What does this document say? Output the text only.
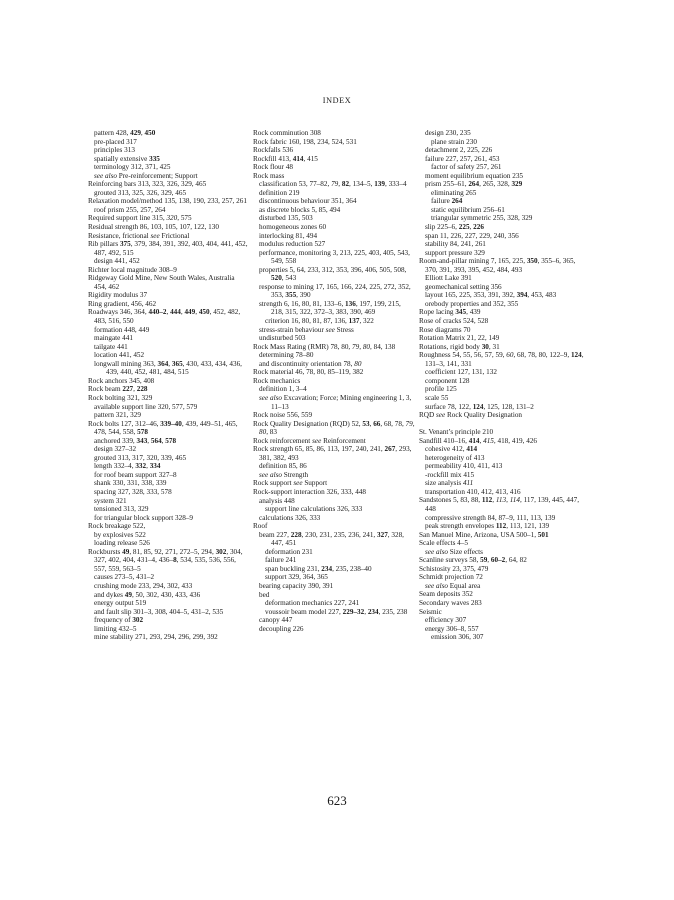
INDEX
pattern 428, 429, 450
pre-placed 317
principles 313
spatially extensive 335
terminology 312, 371, 425
see also Pre-reinforcement; Support
Reinforcing bars 313, 323, 326, 329, 465
grouted 313, 325, 326, 329, 465
Relaxation model/method 135, 138, 190, 233, 257, 261
roof prism 255, 257, 264
Required support line 315, 320, 575
Residual strength 86, 103, 105, 107, 122, 130
Resistance, frictional see Frictional
Rib pillars 375, 379, 384, 391, 392, 403, 404, 441, 452, 487, 492, 515
design 441, 452
Richter local magnitude 308–9
Ridgeway Gold Mine, New South Wales, Australia 454, 462
Rigidity modulus 37
Ring gradient, 456, 462
Roadways 346, 364, 440–2, 444, 449, 450, 452, 482, 483, 516, 550
formation 448, 449
maingate 441
tailgate 441
location 441, 452
longwall mining 363, 364, 365, 430, 433, 434, 436, 439, 440, 452, 481, 484, 515
Rock anchors 345, 408
Rock beam 227, 228
Rock bolting 321, 329
available support line 320, 577, 579
pattern 321, 329
Rock bolts 127, 312–46, 339–40, 439, 449–51, 465, 478, 544, 558, 578
anchored 339, 343, 564, 578
design 327–32
grouted 313, 317, 320, 339, 465
length 332–4, 332, 334
for roof beam support 327–8
shank 330, 331, 338, 339
spacing 327, 328, 333, 578
system 321
tensioned 313, 329
for triangular block support 328–9
Rock breakage 522,
by explosives 522
loading release 526
Rockbursts 49, 81, 85, 92, 271, 272–5, 294, 302, 304, 327, 402, 404, 431–4, 436–8, 534, 535, 536, 556, 557, 559, 563–5
causes 273–5, 431–2
crushing mode 233, 294, 302, 433
and dykes 49, 50, 302, 430, 433, 436
energy output 519
and fault slip 301–3, 308, 404–5, 431–2, 535
frequency of 302
limiting 432–5
mine stability 271, 293, 294, 296, 299, 392
Rock comminution 308
Rock fabric 160, 198, 234, 524, 531
Rockfalls 536
Rockfill 413, 414, 415
Rock flour 48
Rock mass
classification 53, 77–82, 79, 82, 134–5, 139, 333–4
definition 219
discontinuous behaviour 351, 364
as discrete blocks 5, 85, 494
disturbed 135, 503
homogeneous zones 60
interlocking 81, 494
modulus reduction 527
performance, monitoring 3, 213, 225, 403, 405, 543, 549, 558
properties 5, 64, 233, 312, 353, 396, 406, 505, 508, 520, 543
response to mining 17, 165, 166, 224, 225, 272, 352, 353, 355, 390
strength 6, 16, 80, 81, 133–6, 136, 197, 199, 215, 218, 315, 322, 372–3, 383, 390, 469
criterion 16, 80, 81, 87, 136, 137, 322
stress-strain behaviour see Stress
undisturbed 503
Rock Mass Rating (RMR) 78, 80, 79, 80, 84, 138
determining 78–80
and discontinuity orientation 78, 80
Rock material 46, 78, 80, 85–119, 382
Rock mechanics
definition 1, 3–4
see also Excavation; Force; Mining engineering 1, 3, 11–13
Rock noise 556, 559
Rock Quality Designation (RQD) 52, 53, 66, 68, 78, 79, 80, 83
Rock reinforcement see Reinforcement
Rock strength 65, 85, 86, 113, 197, 240, 241, 267, 293, 381, 382, 493
definition 85, 86
see also Strength
Rock support see Support
Rock-support interaction 326, 333, 448
analysis 448
support line calculations 326, 333
calculations 326, 333
Roof
beam 227, 228, 230, 231, 235, 236, 241, 327, 328, 447, 451
deformation 231
failure 241
span buckling 231, 234, 235, 238–40
support 329, 364, 365
bearing capacity 390, 391
bed
deformation mechanics 227, 241
voussoir beam model 227, 229–32, 234, 235, 238
canopy 447
decoupling 226
design 230, 235
plane strain 230
detachment 2, 225, 226
failure 227, 257, 261, 453
factor of safety 257, 261
moment equilibrium equation 235
prism 255–61, 264, 265, 328, 329
eliminating 265
failure 264
static equilibrium 256–61
triangular symmetric 255, 328, 329
slip 225–6, 225, 226
span 11, 226, 227, 229, 240, 356
stability 84, 241, 261
support pressure 329
Room-and-pillar mining 7, 165, 225, 350, 355–6, 365, 370, 391, 393, 395, 452, 484, 493
Elliott Lake 391
geomechanical setting 356
layout 165, 225, 353, 391, 392, 394, 453, 483
orebody properties and 352, 355
Rope lacing 345, 439
Rose of cracks 524, 528
Rose diagrams 70
Rotation Matrix 21, 22, 149
Rotations, rigid body 30, 31
Roughness 54, 55, 56, 57, 59, 60, 68, 78, 80, 122–9, 124, 131–3, 141, 331
coefficient 127, 131, 132
component 128
profile 125
scale 55
surface 78, 122, 124, 125, 128, 131–2
RQD see Rock Quality Designation
St. Venant’s principle 210
Sandfill 410–16, 414, 415, 418, 419, 426
cohesive 412, 414
heterogeneity of 413
permeability 410, 411, 413
-rockfill mix 415
size analysis 411
transportation 410, 412, 413, 416
Sandstones 5, 83, 88, 112, 113, 114, 117, 139, 445, 447, 448
compressive strength 84, 87–9, 111, 113, 139
peak strength envelopes 112, 113, 121, 139
San Manuel Mine, Arizona, USA 500–1, 501
Scale effects 4–5
see also Size effects
Scanline surveys 58, 59, 60–2, 64, 82
Schistosity 23, 375, 479
Schmidt projection 72
see also Equal area
Seam deposits 352
Secondary waves 283
Seismic
efficiency 307
energy 306–8, 557
emission 306, 307
623
